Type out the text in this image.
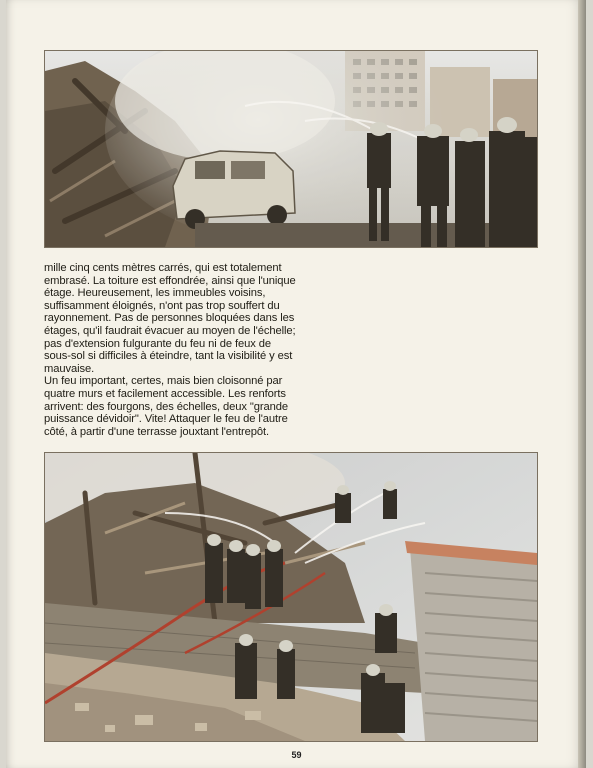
mille cinq cents mètres carrés, qui est totalement
embrasé. La toiture est effondrée, ainsi que l'unique
étage. Heureusement, les immeubles voisins,
suffisamment éloignés, n'ont pas trop souffert du
rayonnement. Pas de personnes bloquées dans les
étages, qu'il faudrait évacuer au moyen de l'échelle;
pas d'extension fulgurante du feu ni de feux de
sous-sol si difficiles à éteindre, tant la visibilité y est
mauvaise.
Un feu important, certes, mais bien cloisonné par
quatre murs et facilement accessible. Les renforts
arrivent: des fourgons, des échelles, deux "grande
puissance dévidoir". Vite! Attaquer le feu de l'autre
côté, à partir d'une terrasse jouxtant l'entrepôt.
59
